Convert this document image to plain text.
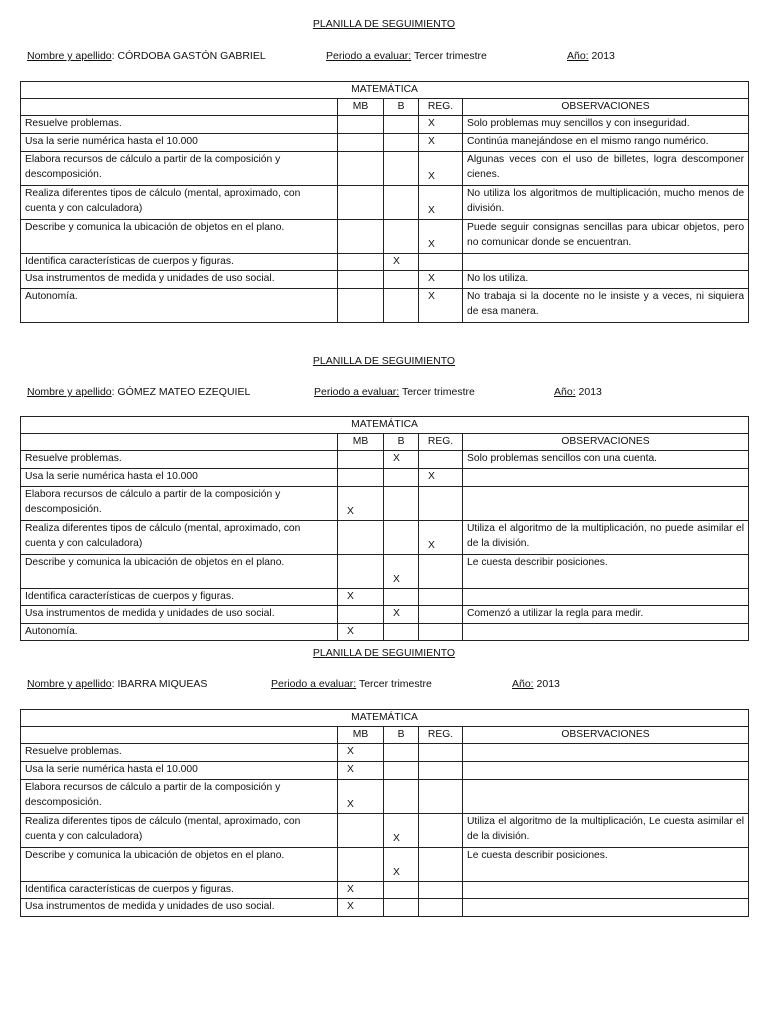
PLANILLA DE SEGUIMIENTO
Nombre y apellido: CÓRDOBA GASTÓN GABRIEL	Periodo a evaluar: Tercer trimestre	Año: 2013
MATEMÁTICA				
	MB	B	REG.	OBSERVACIONES
Resuelve problemas.			X	Solo problemas muy sencillos y con inseguridad.
Usa la serie numérica hasta el 10.000			X	Continúa manejándose en el mismo rango numérico.
Elabora recursos de cálculo a partir de la composición y descomposición.			X	Algunas veces con el uso de billetes, logra descomponer cienes.
Realiza diferentes tipos de cálculo (mental, aproximado, con cuenta y con calculadora)			X	No utiliza los algoritmos de multiplicación, mucho menos de división.
Describe y comunica la ubicación de objetos en el plano.			X	Puede seguir consignas sencillas para ubicar objetos, pero no comunicar donde se encuentran.
Identifica características de cuerpos y figuras.		X		
Usa instrumentos de medida y unidades de uso social.			X	No los utiliza.
Autonomía.			X	No trabaja si la docente no le insiste y a veces, ni siquiera de esa manera.
PLANILLA DE SEGUIMIENTO
Nombre y apellido: GÓMEZ MATEO EZEQUIEL	Periodo a evaluar: Tercer trimestre	Año: 2013
MATEMÁTICA				
	MB	B	REG.	OBSERVACIONES
Resuelve problemas.		X		Solo problemas sencillos con una cuenta.
Usa la serie numérica hasta el 10.000			X	
Elabora recursos de cálculo a partir de la composición y descomposición.	X			
Realiza diferentes tipos de cálculo (mental, aproximado, con cuenta y con calculadora)			X	Utiliza el algoritmo de la multiplicación, no puede asimilar el de la división.
Describe y comunica la ubicación de objetos en el plano.		X		Le cuesta describir posiciones.
Identifica características de cuerpos y figuras.	X			
Usa instrumentos de medida y unidades de uso social.		X		Comenzó a utilizar la regla para medir.
Autonomía.	X			
PLANILLA DE SEGUIMIENTO
Nombre y apellido: IBARRA MIQUEAS	Periodo a evaluar: Tercer trimestre	Año: 2013
MATEMÁTICA				
	MB	B	REG.	OBSERVACIONES
Resuelve problemas.	X			
Usa la serie numérica hasta el 10.000	X			
Elabora recursos de cálculo a partir de la composición y descomposición.	X			
Realiza diferentes tipos de cálculo (mental, aproximado, con cuenta y con calculadora)		X		Utiliza el algoritmo de la multiplicación, Le cuesta asimilar el de la división.
Describe y comunica la ubicación de objetos en el plano.		X		Le cuesta describir posiciones.
Identifica características de cuerpos y figuras.	X			
Usa instrumentos de medida y unidades de uso social.	X			
